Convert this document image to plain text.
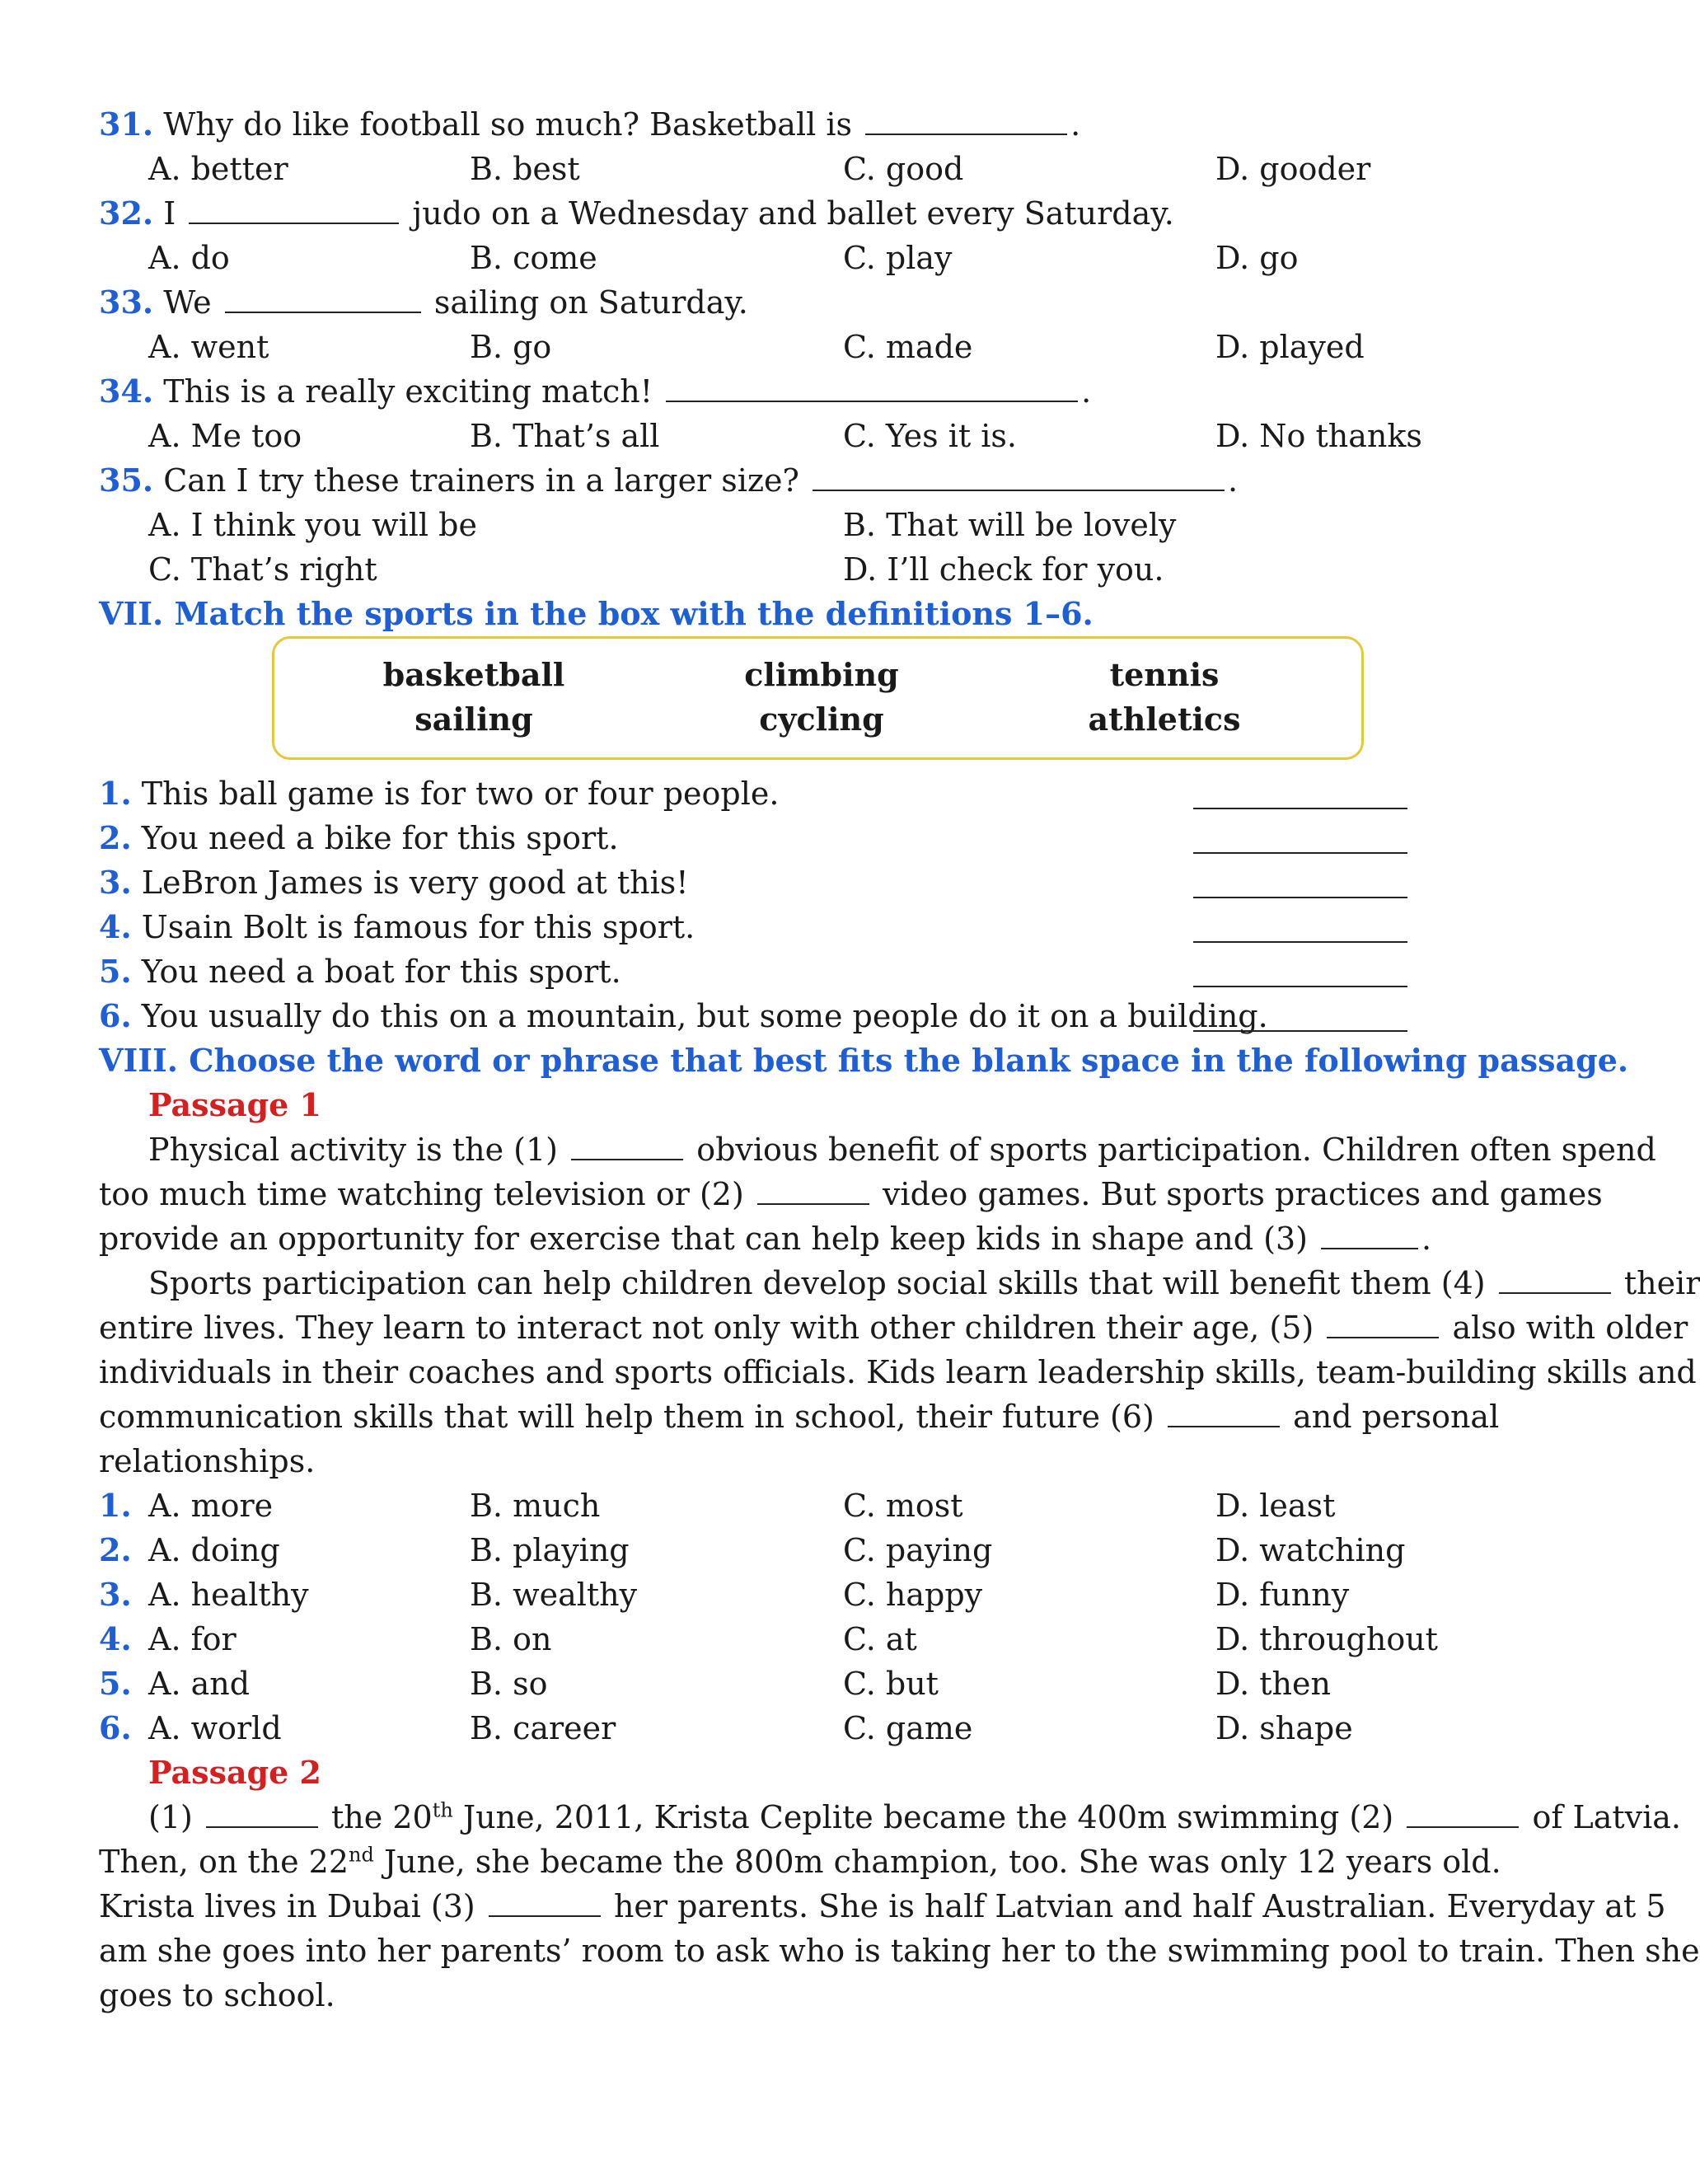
31. Why do like football so much? Basketball is	.
A. better	B. best	C. good	D. gooder
32. I	judo on a Wednesday and ballet every Saturday.
A. do	B. come	C. play	D. go
33. We	sailing on Saturday.
A. went	B. go	C. made	D. played
34. This is a really exciting match!	.
A. Me too	B. That’s all	C. Yes it is.	D. No thanks
35. Can I try these trainers in a larger size?	.
A. I think you will be	B. That will be lovely
C. That’s right	D. I’ll check for you.
VII. Match the sports in the box with the definitions 1–6.
basketball	climbing	tennis
sailing	cycling	athletics
1. This ball game is for two or four people.
2. You need a bike for this sport.
3. LeBron James is very good at this!
4. Usain Bolt is famous for this sport.
5. You need a boat for this sport.
6. You usually do this on a mountain, but some people do it on a building.
VIII. Choose the word or phrase that best fits the blank space in the following passage.
Passage 1
Physical activity is the (1)	obvious benefit of sports participation. Children often spend
too much time watching television or (2)	video games. But sports practices and games
provide an opportunity for exercise that can help keep kids in shape and (3)	.
Sports participation can help children develop social skills that will benefit them (4)	their
entire lives. They learn to interact not only with other children their age, (5)	also with older
individuals in their coaches and sports officials. Kids learn leadership skills, team-building skills and
communication skills that will help them in school, their future (6)	and personal
relationships.
1. A. more	B. much	C. most	D. least
2. A. doing	B. playing	C. paying	D. watching
3. A. healthy	B. wealthy	C. happy	D. funny
4. A. for	B. on	C. at	D. throughout
5. A. and	B. so	C. but	D. then
6. A. world	B. career	C. game	D. shape
Passage 2
(1)	the 20th June, 2011, Krista Ceplite became the 400m swimming (2)	of Latvia.
Then, on the 22nd June, she became the 800m champion, too. She was only 12 years old.
Krista lives in Dubai (3)	her parents. She is half Latvian and half Australian. Everyday at 5
am she goes into her parents’ room to ask who is taking her to the swimming pool to train. Then she
goes to school.
